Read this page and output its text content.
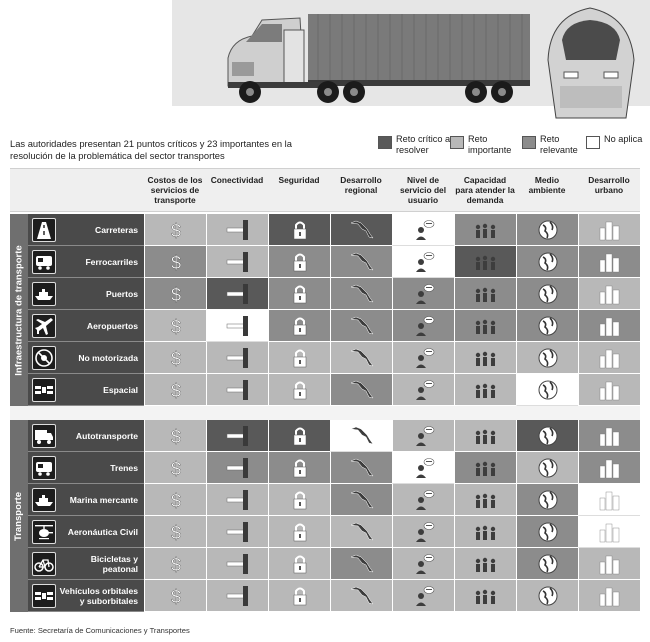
Las autoridades presentan 21 puntos críticos y 23 importantes en la resolución de la problemática del sector transportes
Reto crítico a resolver
Reto importante
Reto relevante
No aplica
Costos de los servicios de transporte
Conectividad	Seguridad	Desarrollo regional
Nivel de servicio del usuario
Capacidad para atender la demanda
Medio ambiente
Desarrollo urbano
Infraestructura de transporte
Carreteras $
Ferrocarriles $
Puertos $
Aeropuertos $
No motorizada $
Espacial $
Transporte
Autotransporte $
Trenes $
Marina mercante $
Aeronáutica Civil $
Bicicletas y peatonal $
Vehículos orbitales y suborbitales $
Fuente: Secretaría de Comunicaciones y Transportes
